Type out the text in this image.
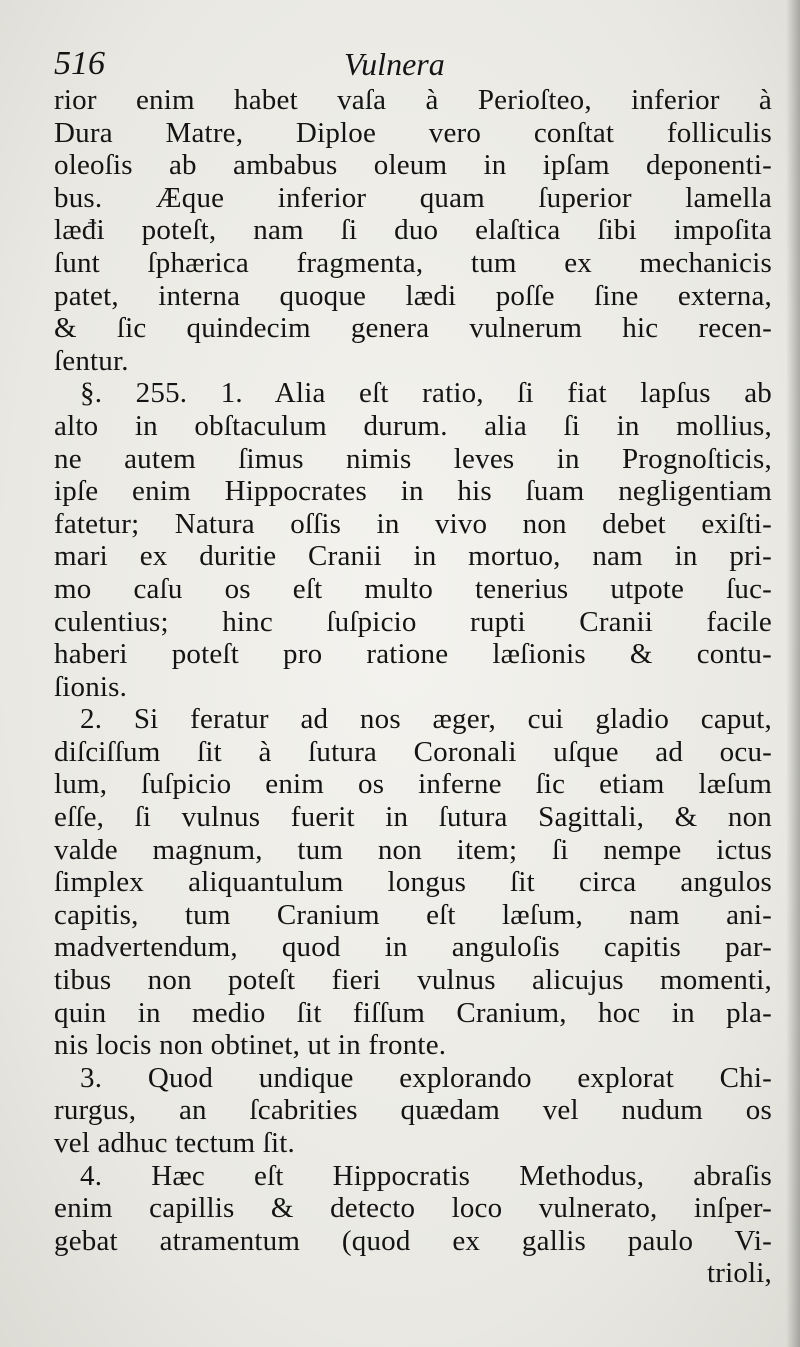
516	Vulnera
rior enim habet vaſa à Perioſteo, inferior à
Dura Matre, Diploe vero conſtat folliculis
oleoſis ab ambabus oleum in ipſam deponenti-
bus. Æque inferior quam ſuperior lamella
læđi poteſt, nam ſi duo elaſtica ſibi impoſita
ſunt ſphærica fragmenta, tum ex mechanicis
patet, interna quoque lædi poſſe ſine externa,
& ſic quindecim genera vulnerum hic recen-
ſentur.
§. 255. 1. Alia eſt ratio, ſi fiat lapſus ab
alto in obſtaculum durum. alia ſi in mollius,
ne autem ſimus nimis leves in Prognoſticis,
ipſe enim Hippocrates in his ſuam negligentiam
fatetur; Natura oſſis in vivo non debet exiſti-
mari ex duritie Cranii in mortuo, nam in pri-
mo caſu os eſt multo tenerius utpote ſuc-
culentius; hinc ſuſpicio rupti Cranii facile
haberi poteſt pro ratione læſionis & contu-
ſionis.
2. Si feratur ad nos æger, cui gladio caput,
diſciſſum ſit à ſutura Coronali uſque ad ocu-
lum, ſuſpicio enim os inferne ſic etiam læſum
eſſe, ſi vulnus fuerit in ſutura Sagittali, & non
valde magnum, tum non item; ſi nempe ictus
ſimplex aliquantulum longus ſit circa angulos
capitis, tum Cranium eſt læſum, nam ani-
madvertendum, quod in anguloſis capitis par-
tibus non poteſt fieri vulnus alicujus momenti,
quin in medio ſit fiſſum Cranium, hoc in pla-
nis locis non obtinet, ut in fronte.
3. Quod undique explorando explorat Chi-
rurgus, an ſcabrities quædam vel nudum os
vel adhuc tectum ſit.
4. Hæc eſt Hippocratis Methodus, abraſis
enim capillis & detecto loco vulnerato, inſper-
gebat atramentum (quod ex gallis paulo Vi-
trioli,
